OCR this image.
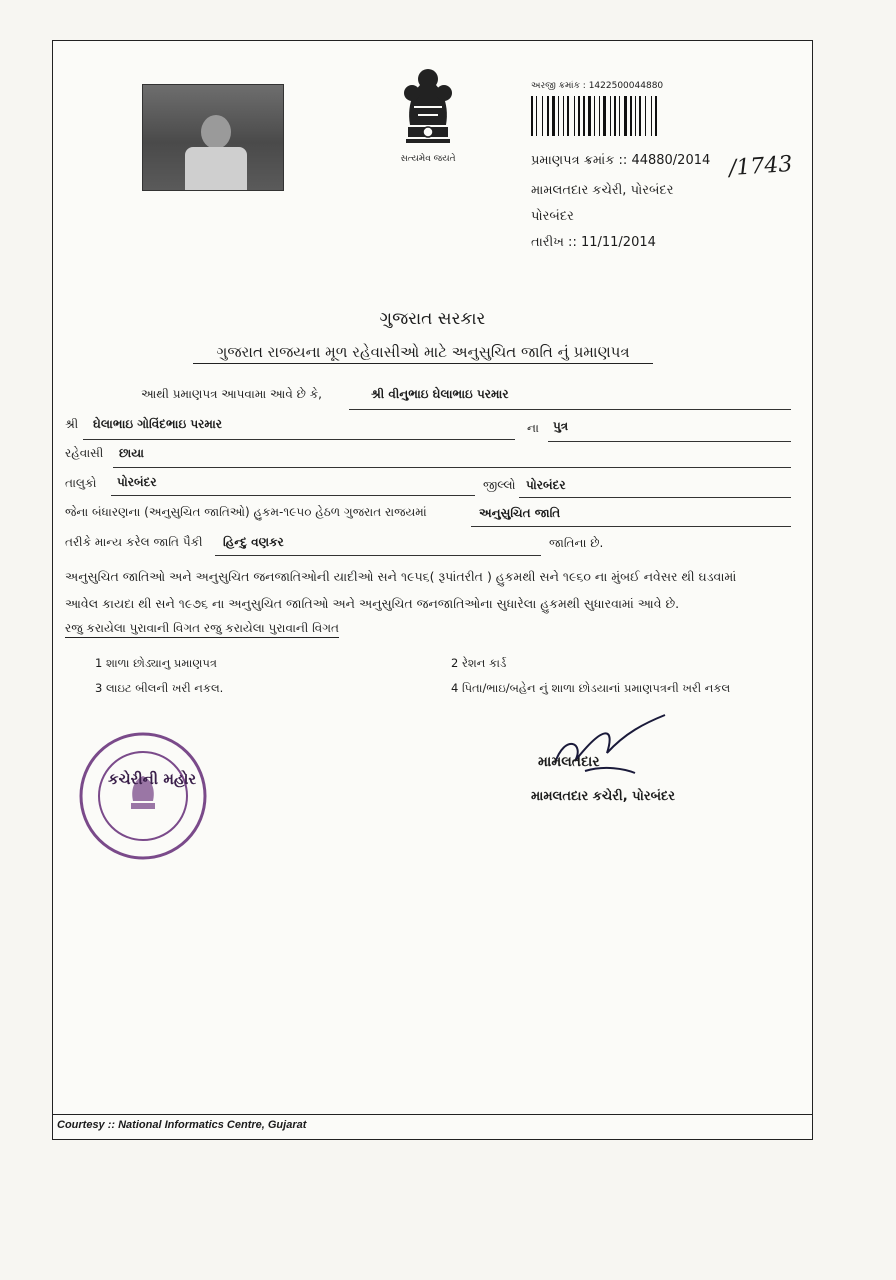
સત્યમેવ જયતે
અરજી ક્રમાંક : 1422500044880
પ્રમાણપત્ર ક્રમાંક :: 44880/2014 /1743
મામલતદાર કચેરી, પોરબંદર
પોરબંદર
તારીખ :: 11/11/2014
ગુજરાત સરકાર
ગુજરાત રાજયના મૂળ રહેવાસીઓ માટે અનુસુચિત જાતિ નું પ્રમાણપત્ર
આથી પ્રમાણપત્ર આપવામા આવે છે કે,	શ્રી વીનુભાઇ ઘેલાભાઇ પરમાર
શ્રી ઘેલાભાઇ ગોવિંદભાઇ પરમાર	ના પુત્ર
રહેવાસી છાયા
તાલુકો પોરબંદર	જીલ્લો પોરબંદર
જેના બંધારણના (અનુસુચિત જાતિઓ) હુકમ-૧૯૫૦ હેઠળ ગુજરાત રાજયમાં	અનુસુચિત જાતિ
તરીકે માન્ય કરેલ જાતિ પૈકી હિન્દુ વણકર	જાતિના છે.
અનુસુચિત જાતિઓ અને અનુસુચિત જનજાતિઓની યાદીઓ સને ૧૯૫૬( રૂપાંતરીત ) હુકમથી સને ૧૯૬૦ ના મુંબઈ નવેસર થી ઘડવામાં
આવેલ કાયદા થી સને ૧૯૭૬ ના અનુસુચિત જાતિઓ અને અનુસુચિત જનજાતિઓના સુધારેલા હુકમથી સુધારવામાં આવે છે.
રજુ કરાયેલા પુરાવાની વિગત રજુ કરાયેલા પુરાવાની વિગત
1 શાળા છોડ્યાનુ પ્રમાણપત્ર	2 રેશન કાર્ડ
3 લાઇટ બીલની ખરી નકલ.	4 પિતા/ભાઇ/બહેન નું શાળા છોડયાનાં પ્રમાણપત્રની ખરી નકલ
કચેરીની મહોર
મામલતદાર
મામલતદાર કચેરી, પોરબંદર
Courtesy :: National Informatics Centre, Gujarat
